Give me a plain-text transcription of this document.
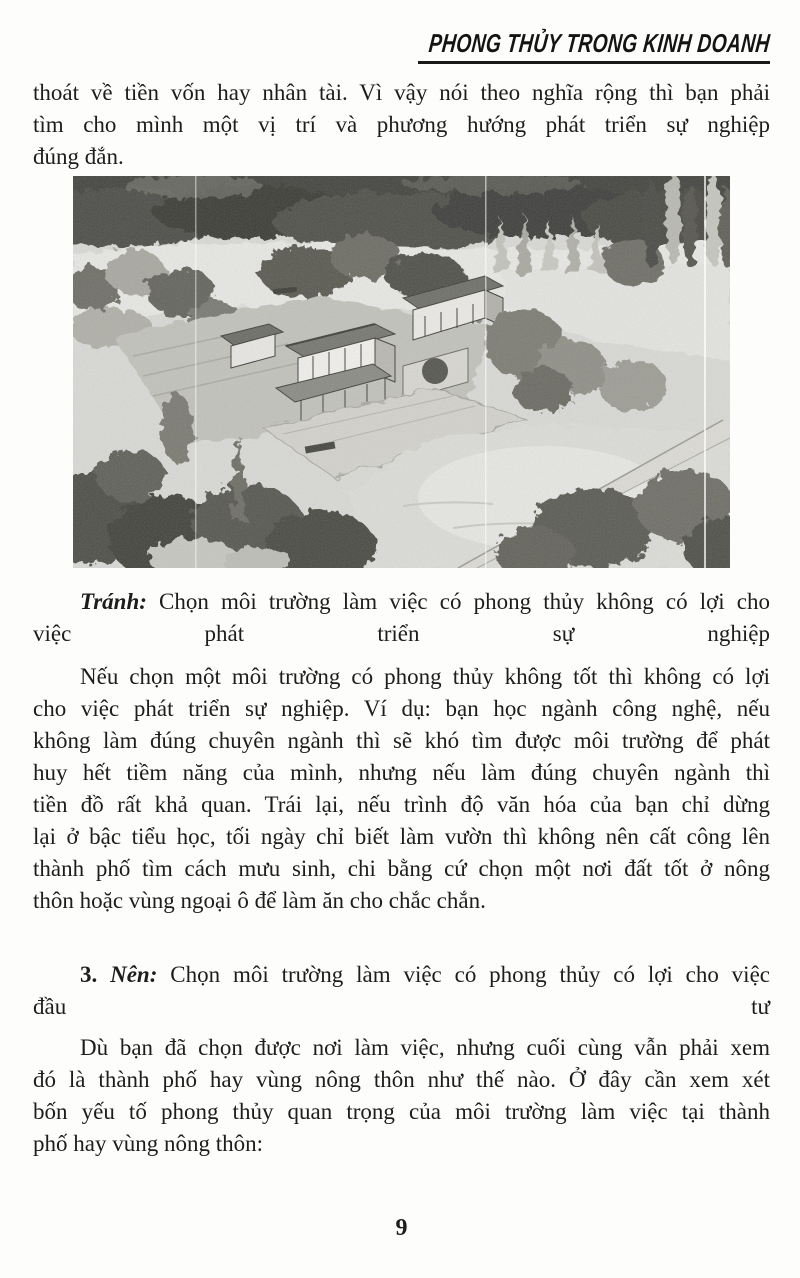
PHONG THỦY TRONG KINH DOANH
thoát về tiền vốn hay nhân tài. Vì vậy nói theo nghĩa rộng thì bạn phải
tìm cho mình một vị trí và phương hướng phát triển sự nghiệp
đúng đắn.
Tránh: Chọn môi trường làm việc có phong thủy không có lợi cho
việc phát triển sự nghiệp
Nếu chọn một môi trường có phong thủy không tốt thì không có lợi
cho việc phát triển sự nghiệp. Ví dụ: bạn học ngành công nghệ, nếu
không làm đúng chuyên ngành thì sẽ khó tìm được môi trường để phát
huy hết tiềm năng của mình, nhưng nếu làm đúng chuyên ngành thì
tiền đồ rất khả quan. Trái lại, nếu trình độ văn hóa của bạn chỉ dừng
lại ở bậc tiểu học, tối ngày chỉ biết làm vườn thì không nên cất công lên
thành phố tìm cách mưu sinh, chi bằng cứ chọn một nơi đất tốt ở nông
thôn hoặc vùng ngoại ô để làm ăn cho chắc chắn.
3. Nên: Chọn môi trường làm việc có phong thủy có lợi cho việc
đầu tư
Dù bạn đã chọn được nơi làm việc, nhưng cuối cùng vẫn phải xem
đó là thành phố hay vùng nông thôn như thế nào. Ở đây cần xem xét
bốn yếu tố phong thủy quan trọng của môi trường làm việc tại thành
phố hay vùng nông thôn:
9
